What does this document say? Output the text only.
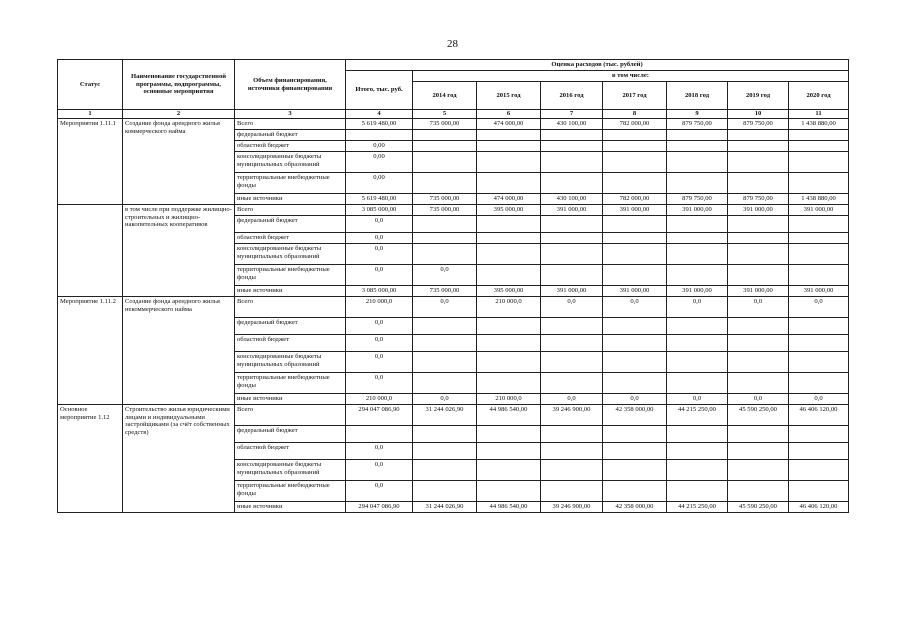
28
Статус	Наименование государственной программы, подпрограммы, основные мероприятия	Объем финансирования, источники финансирования	Оценка расходов (тыс. рублей)							
			Итого, тыс. руб.	в том числе:						
				2014 год	2015 год	2016 год	2017 год	2018 год	2019 год	2020 год
1	2	3	4	5	6	7	8	9	10	11
Мероприятия 1.11.1	Создание фонда арендного жилья коммерческого найма	Всего	5 619 480,00	735 000,00	474 000,00	430 100,00	782 000,00	879 750,00	879 750,00	1 438 880,00
		федеральный бюджет								
		областной бюджет	0,00							
		консолидированные бюджеты муниципальных образований	0,00							
		территориальные внебюджетные фонды	0,00							
		иные источники	5 619 480,00	735 000,00	474 000,00	430 100,00	782 000,00	879 750,00	879 750,00	1 438 880,00
	в том числе при поддержке жилищно-строительных и жилищно-накопительных кооперативов	Всего	3 085 000,00	735 000,00	395 000,00	391 000,00	391 000,00	391 000,00	391 000,00	391 000,00
		федеральный бюджет	0,0							
		областной бюджет	0,0							
		консолидированные бюджеты муниципальных образований	0,0							
		территориальные внебюджетные фонды	0,0	0,0						
		иные источники	3 085 000,00	735 000,00	395 000,00	391 000,00	391 000,00	391 000,00	391 000,00	391 000,00
Мероприятие 1.11.2	Создание фонда арендного жилья некоммерческого найма	Всего	210 000,0	0,0	210 000,0	0,0	0,0	0,0	0,0	0,0
		федеральный бюджет	0,0							
		областной бюджет	0,0							
		консолидированные бюджеты муниципальных образований	0,0							
		территориальные внебюджетные фонды	0,0							
		иные источники	210 000,0	0,0	210 000,0	0,0	0,0	0,0	0,0	0,0
Основное мероприятие 1.12	Строительство жилья юридическими лицами и индивидуальными застройщиками (за счёт собственных средств)	Всего	294 047 086,90	31 244 026,90	44 986 540,00	39 246 900,00	42 358 000,00	44 215 250,00	45 590 250,00	46 406 120,00
		федеральный бюджет								
		областной бюджет	0,0							
		консолидированные бюджеты муниципальных образований	0,0							
		территориальные внебюджетные фонды	0,0							
		иные источники	294 047 086,90	31 244 026,90	44 986 540,00	39 246 900,00	42 358 000,00	44 215 250,00	45 590 250,00	46 406 120,00
